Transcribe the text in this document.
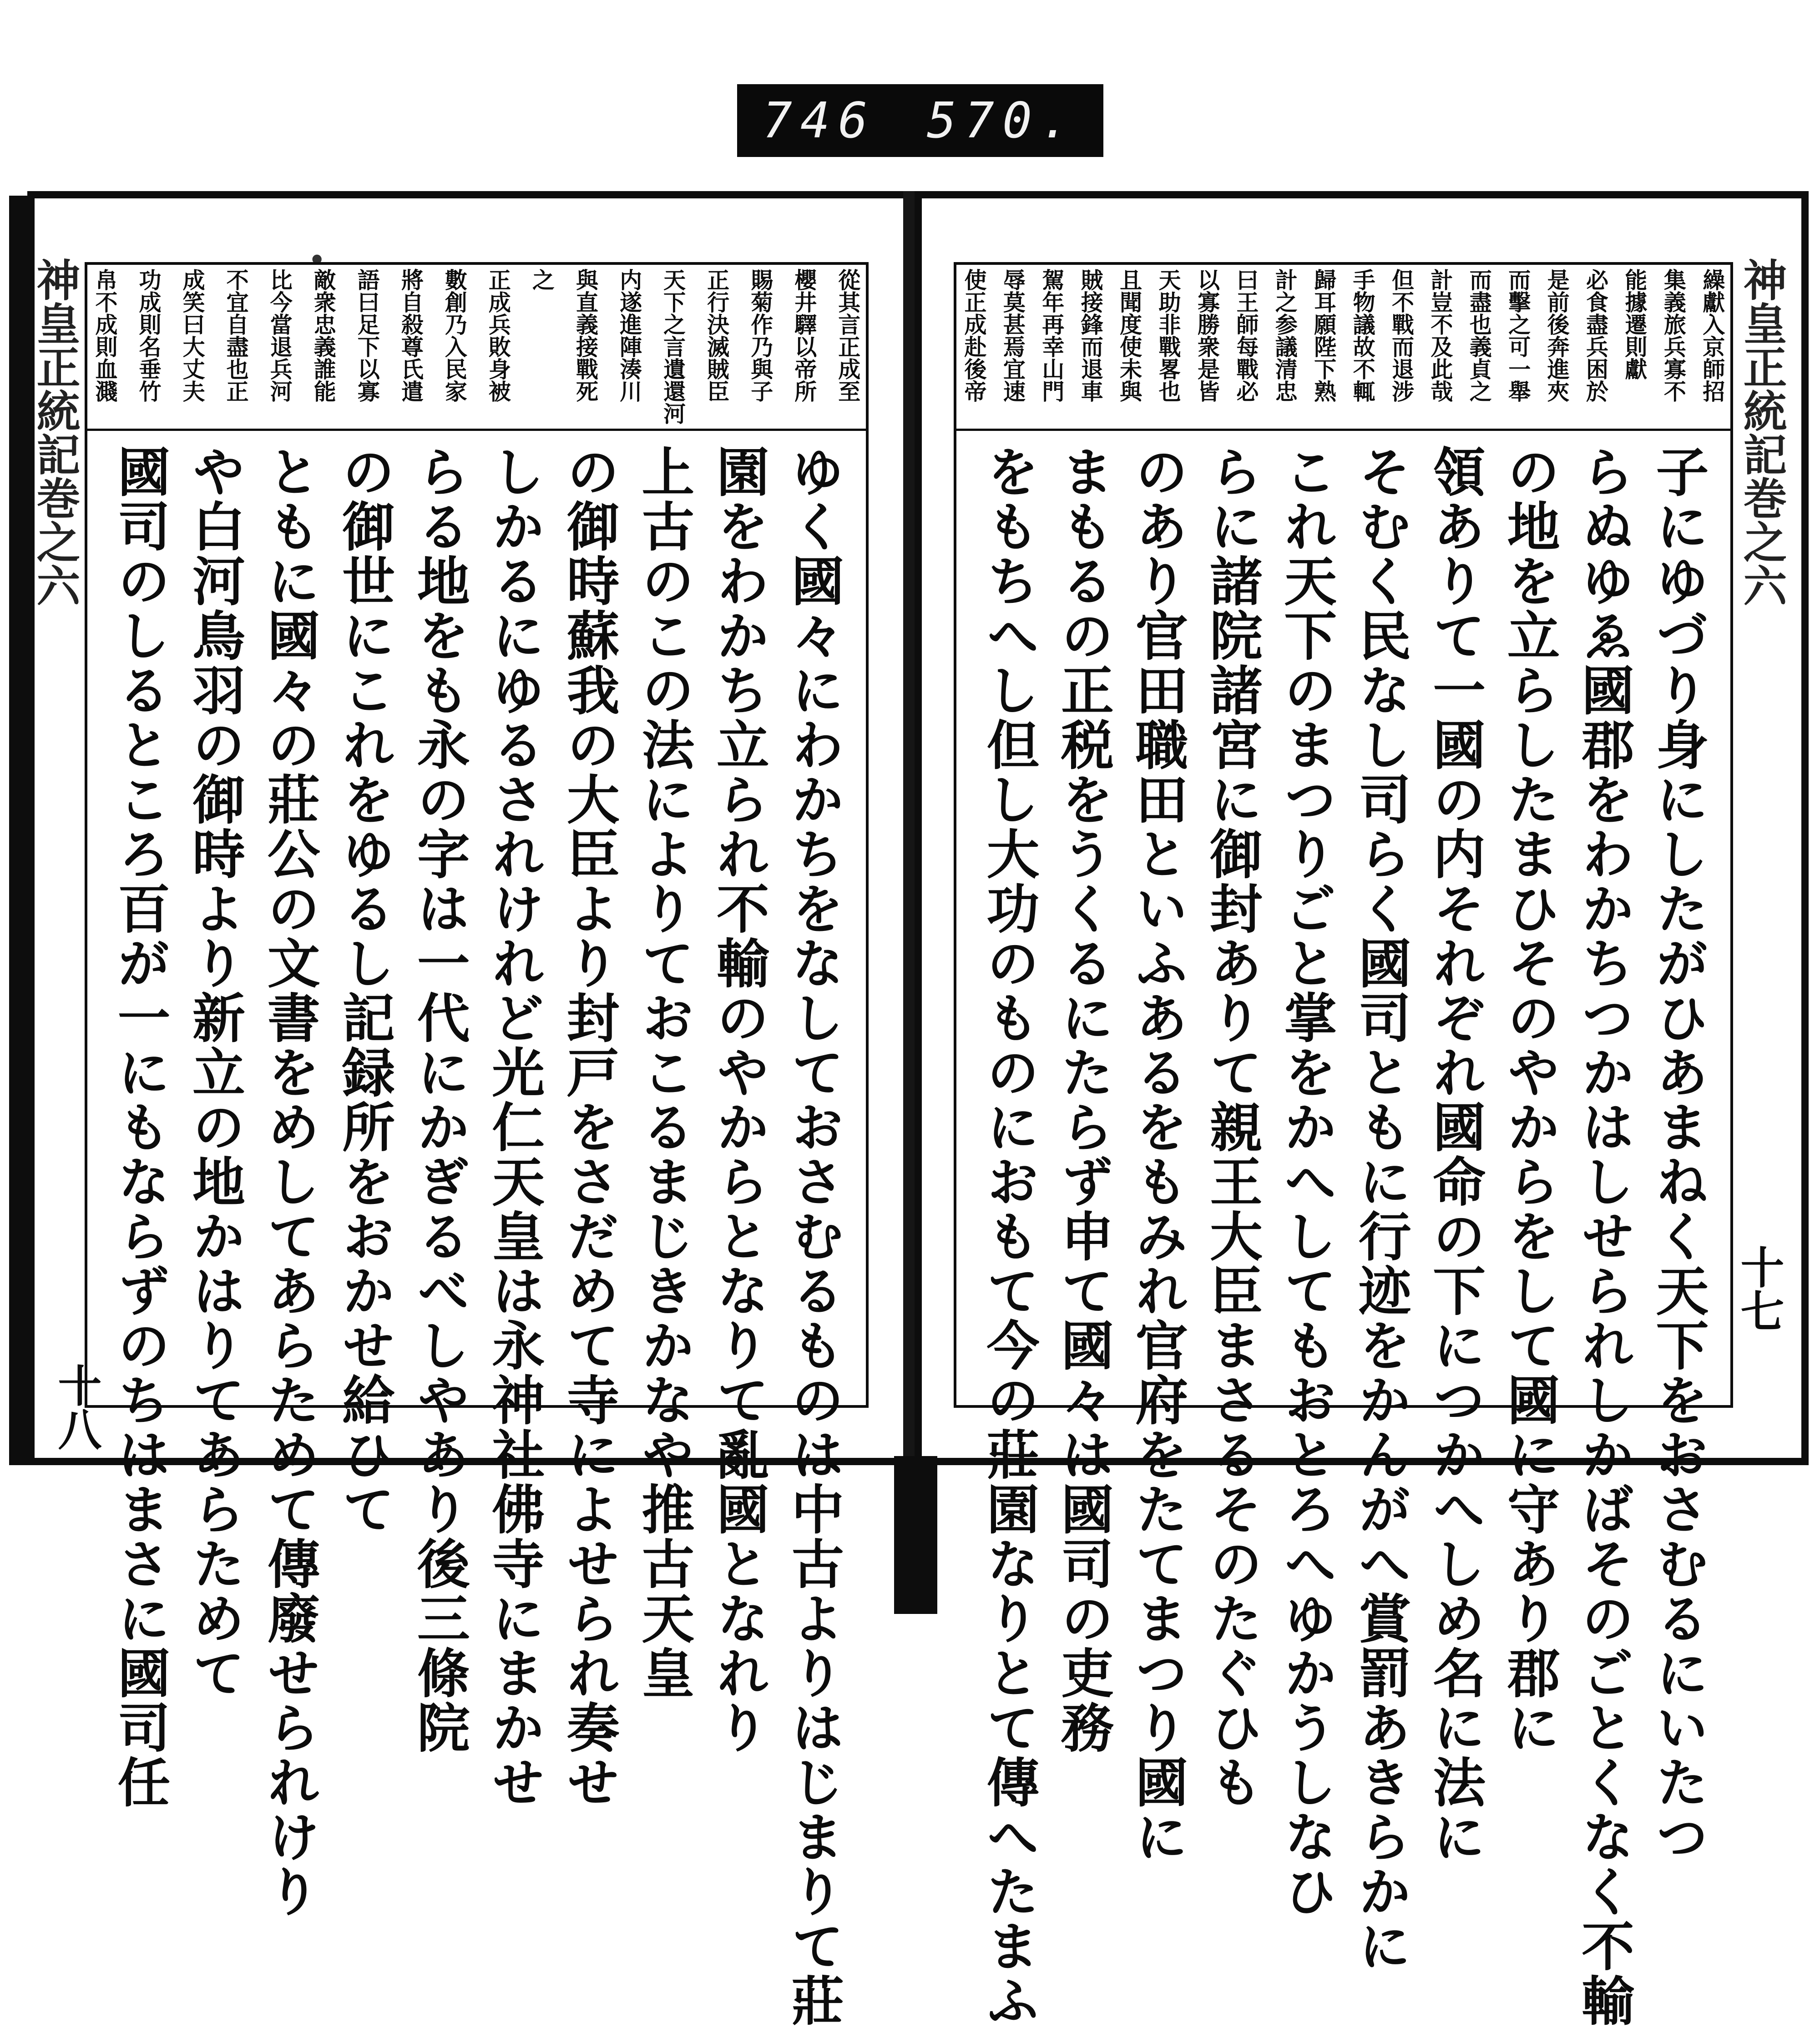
746 570.
•
神皇正統記巻之六
十八
從其言正成至
櫻井驛以帝所
賜菊作乃與子
正行決滅賊臣
天下之言遺還河
内遂進陣湊川
與直義接戰死
之
正成兵敗身被
數創乃入民家
將自殺尊氏遣
語曰足下以寡
敵衆忠義誰能
比今當退兵河
不宜自盡也正
成笑曰大丈夫
功成則名垂竹
帛不成則血濺
ゆく國々にわかちをなしておさむるものは中古よりはじまりて莊
園をわかち立られ不輸のやからとなりて亂國となれり
上古のこの法によりておこるまじきかなや推古天皇
の御時蘇我の大臣より封戸をさだめて寺によせられ奏せ
しかるにゆるされけれど光仁天皇は永神社佛寺にまかせ
らる地をも永の字は一代にかぎるべしやあり後三條院
の御世にこれをゆるし記録所をおかせ給ひて
ともに國々の莊公の文書をめしてあらためて傳廢せられけり
や白河鳥羽の御時より新立の地かはりてあらためて
國司のしるところ百が一にもならずのちはまさに國司任
神皇正統記巻之六
十七
繰獻入京師招
集義旅兵寡不
能據遷則獻
必食盡兵困於
是前後奔進夾
而擊之可一舉
而盡也義貞之
計豈不及此哉
但不戰而退涉
手物議故不輒
歸耳願陛下熟
計之参議清忠
曰王師每戰必
以寡勝衆是皆
天助非戰畧也
且聞度使未與
賊接鋒而退車
駕年再幸山門
辱莫甚焉宜速
使正成赴後帝
子にゆづり身にしたがひあまねく天下をおさむるにいたつ
らぬゆゑ國郡をわかちつかはしせられしかばそのごとくなく不輸
の地を立らしたまひそのやからをして國に守あり郡に
領ありて一國の内それぞれ國命の下につかへしめ名に法に
そむく民なし司らく國司ともに行迹をかんがへ賞罰あきらかに
これ天下のまつりごと掌をかへしてもおとろへゆかうしなひ
らに諸院諸宮に御封ありて親王大臣まさるそのたぐひも
のあり官田職田といふあるをもみれ官府をたてまつり國に
まもるの正税をうくるにたらず申て國々は國司の吏務
をもちへし但し大功のものにおもて今の莊園なりとて傳へたまふ
